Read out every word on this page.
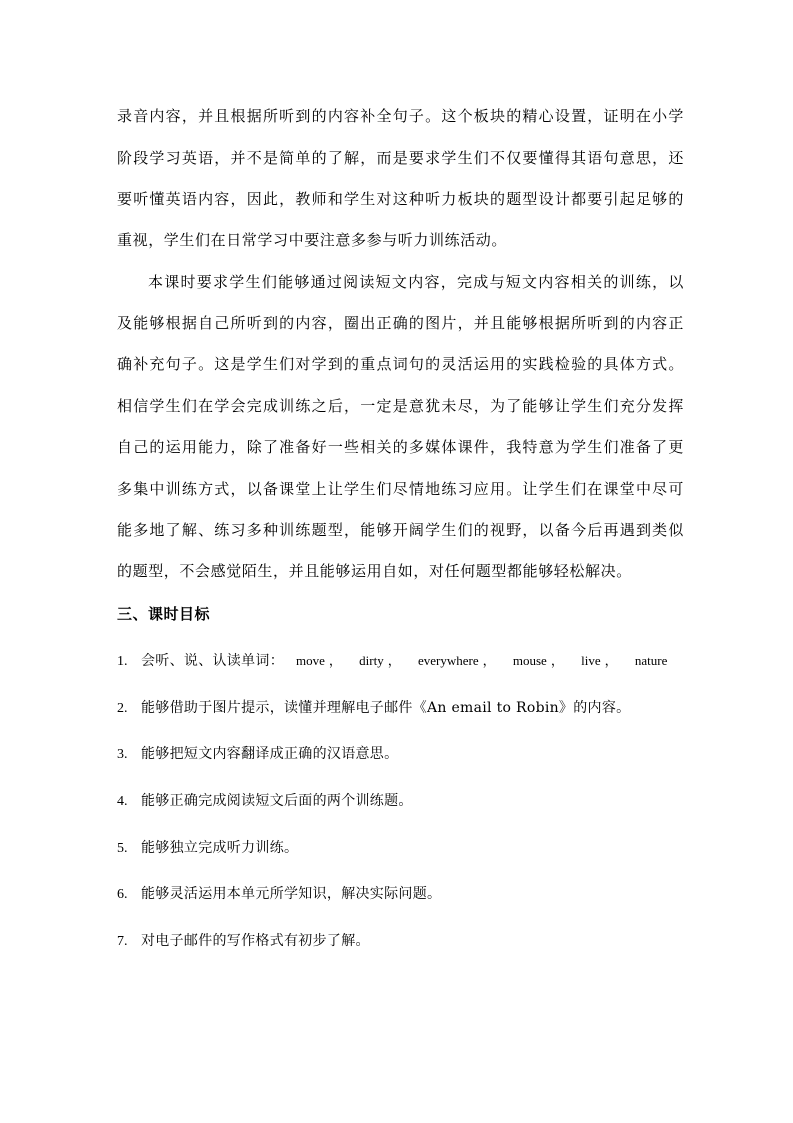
录音内容，并且根据所听到的内容补全句子。这个板块的精心设置，证明在小学
阶段学习英语，并不是简单的了解，而是要求学生们不仅要懂得其语句意思，还
要听懂英语内容，因此，教师和学生对这种听力板块的题型设计都要引起足够的
重视，学生们在日常学习中要注意多参与听力训练活动。
本课时要求学生们能够通过阅读短文内容，完成与短文内容相关的训练，以
及能够根据自己所听到的内容，圈出正确的图片，并且能够根据所听到的内容正
确补充句子。这是学生们对学到的重点词句的灵活运用的实践检验的具体方式。
相信学生们在学会完成训练之后，一定是意犹未尽，为了能够让学生们充分发挥
自己的运用能力，除了准备好一些相关的多媒体课件，我特意为学生们准备了更
多集中训练方式，以备课堂上让学生们尽情地练习应用。让学生们在课堂中尽可
能多地了解、练习多种训练题型，能够开阔学生们的视野，以备今后再遇到类似
的题型，不会感觉陌生，并且能够运用自如，对任何题型都能够轻松解决。
三、课时目标
1. 会听、说、认读单词： move ， dirty ， everywhere ， mouse ， live ， nature
2. 能够借助于图片提示，读懂并理解电子邮件《An email to Robin》的内容。
3. 能够把短文内容翻译成正确的汉语意思。
4. 能够正确完成阅读短文后面的两个训练题。
5. 能够独立完成听力训练。
6. 能够灵活运用本单元所学知识，解决实际问题。
7. 对电子邮件的写作格式有初步了解。
